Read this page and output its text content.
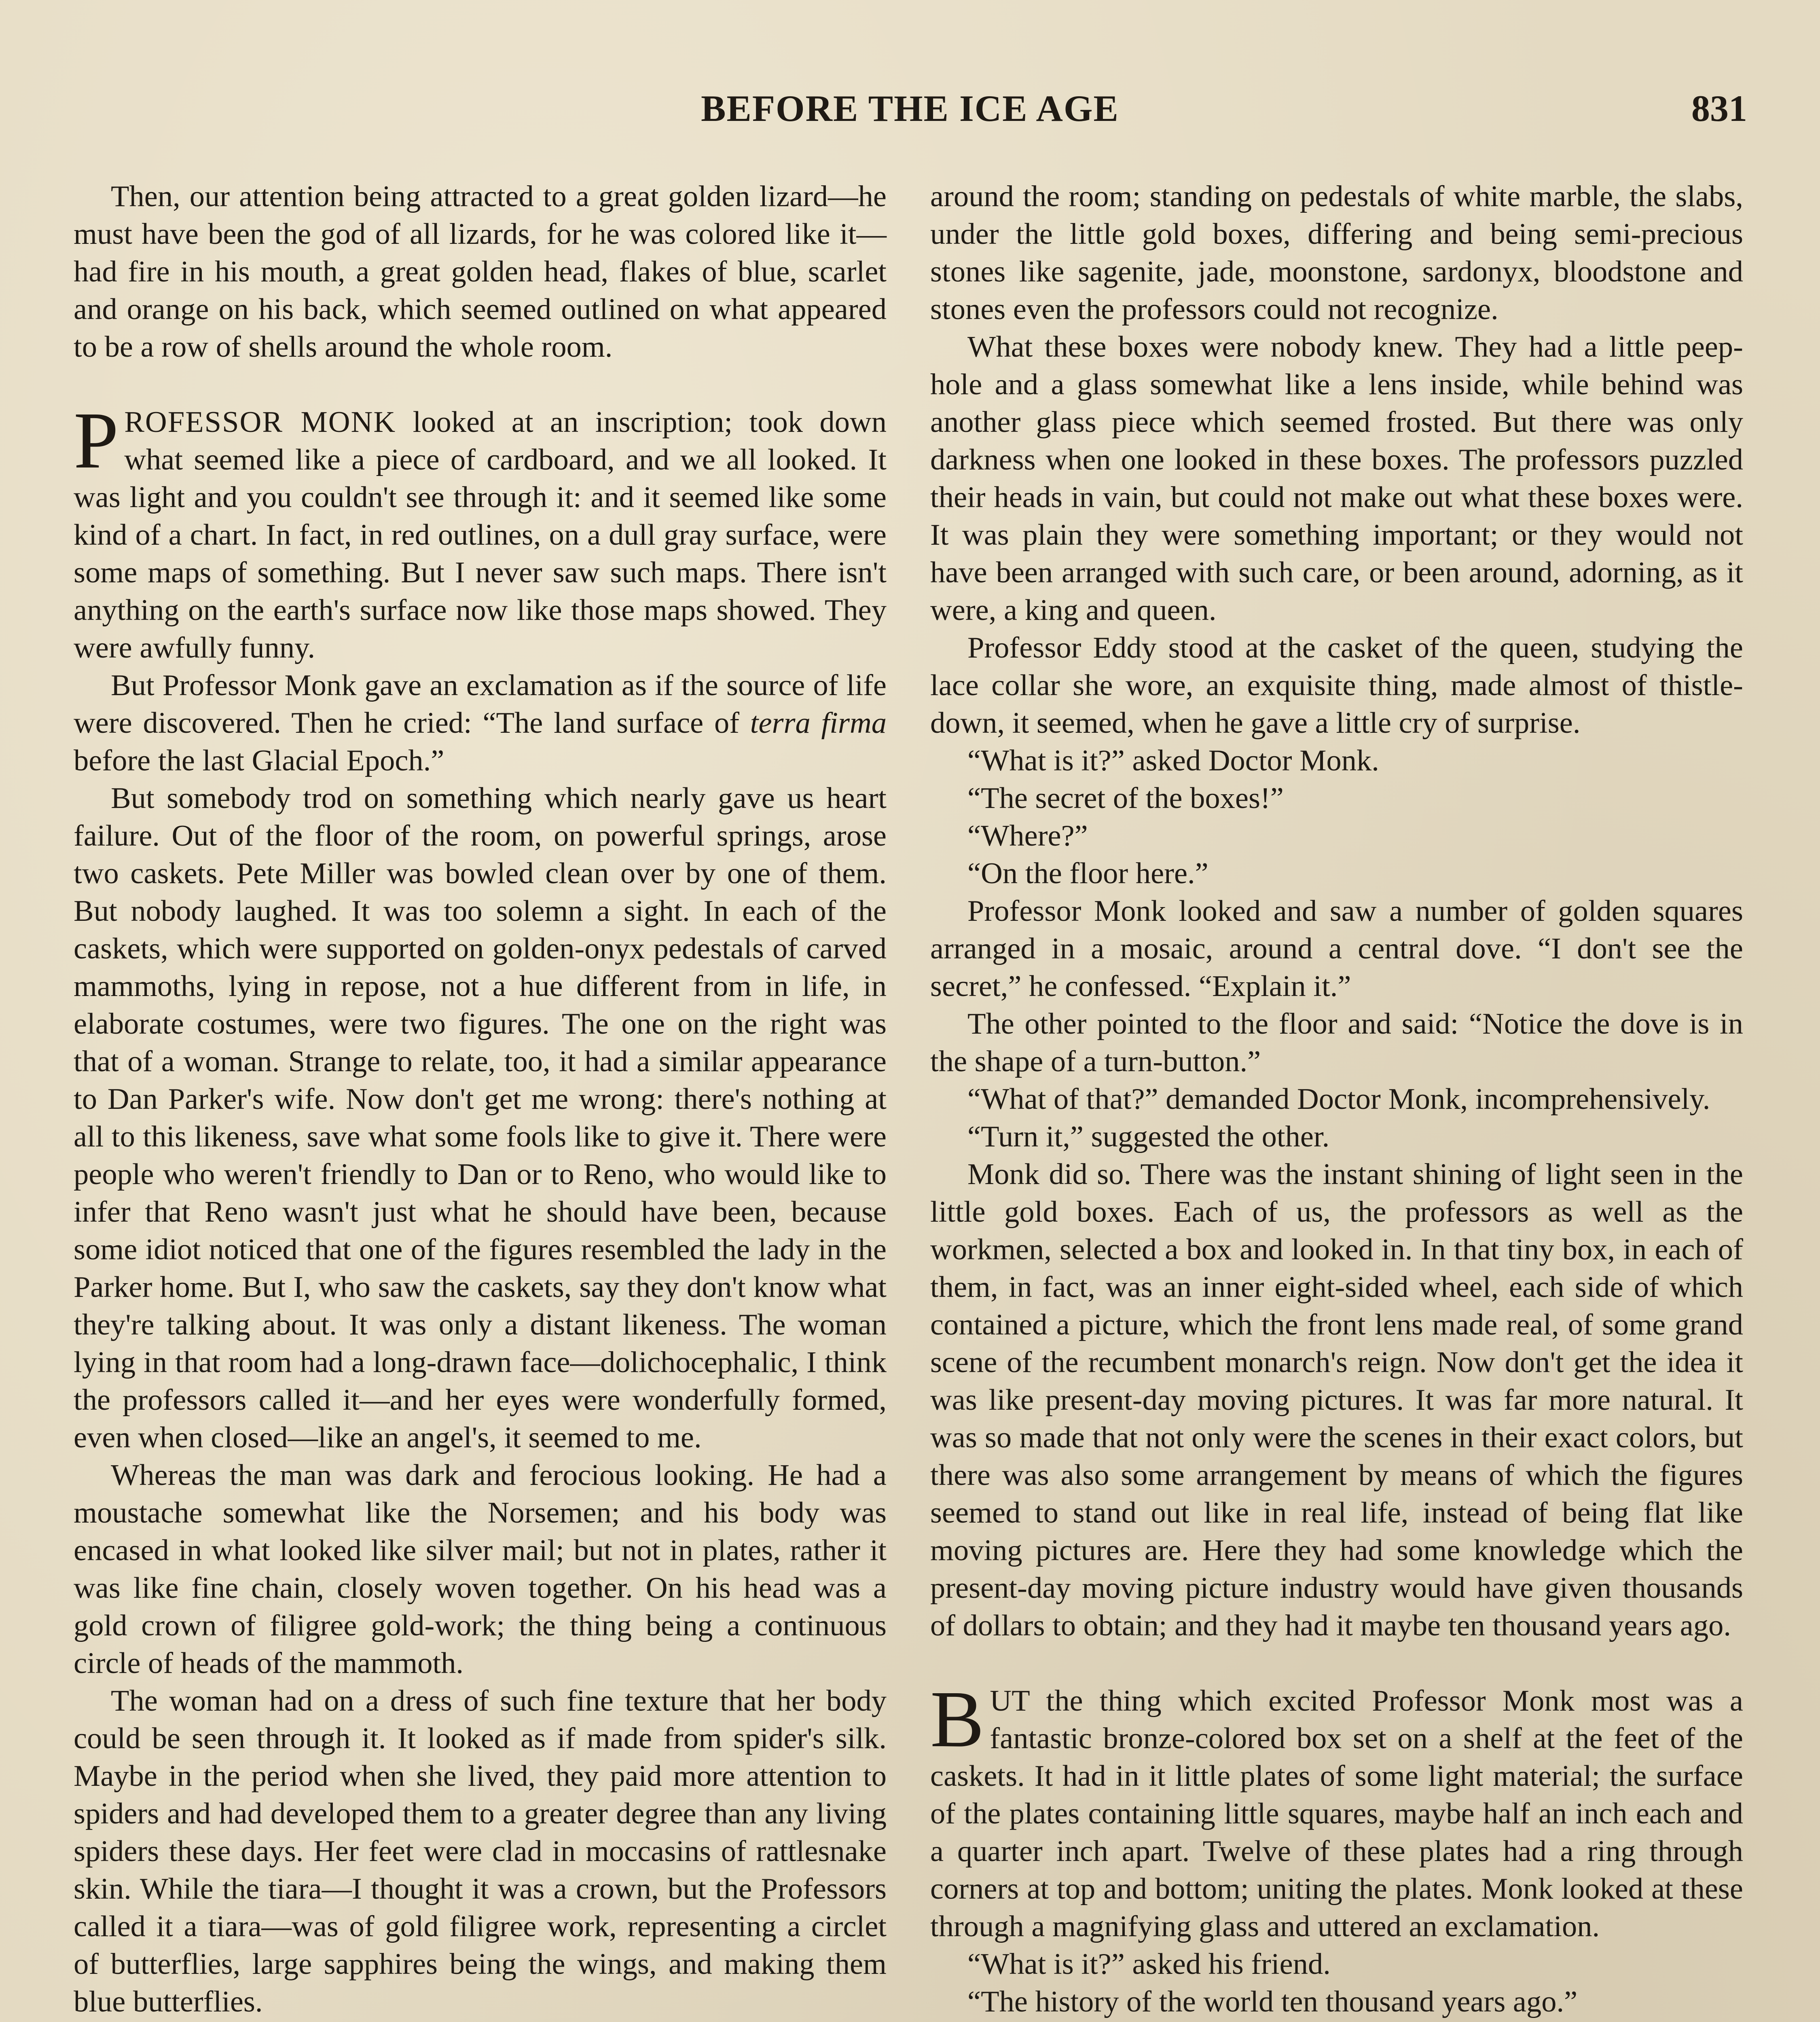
BEFORE THE ICE AGE	831

Then, our attention being attracted to a great golden lizard—he must have been the god of all lizards, for he was colored like it—had fire in his mouth, a great golden head, flakes of blue, scarlet and orange on his back, which seemed outlined on what appeared to be a row of shells around the whole room.

PROFESSOR MONK looked at an inscription; took down what seemed like a piece of cardboard, and we all looked. It was light and you couldn't see through it: and it seemed like some kind of a chart. In fact, in red outlines, on a dull gray surface, were some maps of something. But I never saw such maps. There isn't anything on the earth's surface now like those maps showed. They were awfully funny.

But Professor Monk gave an exclamation as if the source of life were discovered. Then he cried: “The land surface of terra firma before the last Glacial Epoch.”

But somebody trod on something which nearly gave us heart failure. Out of the floor of the room, on powerful springs, arose two caskets. Pete Miller was bowled clean over by one of them. But nobody laughed. It was too solemn a sight. In each of the caskets, which were supported on golden-onyx pedestals of carved mammoths, lying in repose, not a hue different from in life, in elaborate costumes, were two figures. The one on the right was that of a woman. Strange to relate, too, it had a similar appearance to Dan Parker's wife. Now don't get me wrong: there's nothing at all to this likeness, save what some fools like to give it. There were people who weren't friendly to Dan or to Reno, who would like to infer that Reno wasn't just what he should have been, because some idiot noticed that one of the figures resembled the lady in the Parker home. But I, who saw the caskets, say they don't know what they're talking about. It was only a distant likeness. The woman lying in that room had a long-drawn face—dolichocephalic, I think the professors called it—and her eyes were wonderfully formed, even when closed—like an angel's, it seemed to me.

Whereas the man was dark and ferocious looking. He had a moustache somewhat like the Norsemen; and his body was encased in what looked like silver mail; but not in plates, rather it was like fine chain, closely woven together. On his head was a gold crown of filigree gold-work; the thing being a continuous circle of heads of the mammoth.

The woman had on a dress of such fine texture that her body could be seen through it. It looked as if made from spider's silk. Maybe in the period when she lived, they paid more attention to spiders and had developed them to a greater degree than any living spiders these days. Her feet were clad in moccasins of rattlesnake skin. While the tiara—I thought it was a crown, but the Professors called it a tiara—was of gold filigree work, representing a circlet of butterflies, large sapphires being the wings, and making them blue butterflies.

around the room; standing on pedestals of white marble, the slabs, under the little gold boxes, differing and being semi-precious stones like sagenite, jade, moonstone, sardonyx, bloodstone and stones even the professors could not recognize.

What these boxes were nobody knew. They had a little peep-hole and a glass somewhat like a lens inside, while behind was another glass piece which seemed frosted. But there was only darkness when one looked in these boxes. The professors puzzled their heads in vain, but could not make out what these boxes were. It was plain they were something important; or they would not have been arranged with such care, or been around, adorning, as it were, a king and queen.

Professor Eddy stood at the casket of the queen, studying the lace collar she wore, an exquisite thing, made almost of thistle-down, it seemed, when he gave a little cry of surprise.

“What is it?” asked Doctor Monk.

“The secret of the boxes!”

“Where?”

“On the floor here.”

Professor Monk looked and saw a number of golden squares arranged in a mosaic, around a central dove. “I don't see the secret,” he confessed. “Explain it.”

The other pointed to the floor and said: “Notice the dove is in the shape of a turn-button.”

“What of that?” demanded Doctor Monk, incomprehensively.

“Turn it,” suggested the other.

Monk did so. There was the instant shining of light seen in the little gold boxes. Each of us, the professors as well as the workmen, selected a box and looked in. In that tiny box, in each of them, in fact, was an inner eight-sided wheel, each side of which contained a picture, which the front lens made real, of some grand scene of the recumbent monarch's reign. Now don't get the idea it was like present-day moving pictures. It was far more natural. It was so made that not only were the scenes in their exact colors, but there was also some arrangement by means of which the figures seemed to stand out like in real life, instead of being flat like moving pictures are. Here they had some knowledge which the present-day moving picture industry would have given thousands of dollars to obtain; and they had it maybe ten thousand years ago.

BUT the thing which excited Professor Monk most was a fantastic bronze-colored box set on a shelf at the feet of the caskets. It had in it little plates of some light material; the surface of the plates containing little squares, maybe half an inch each and a quarter inch apart. Twelve of these plates had a ring through corners at top and bottom; uniting the plates. Monk looked at these through a magnifying glass and uttered an exclamation.

“What is it?” asked his friend.

“The history of the world ten thousand years ago.”
